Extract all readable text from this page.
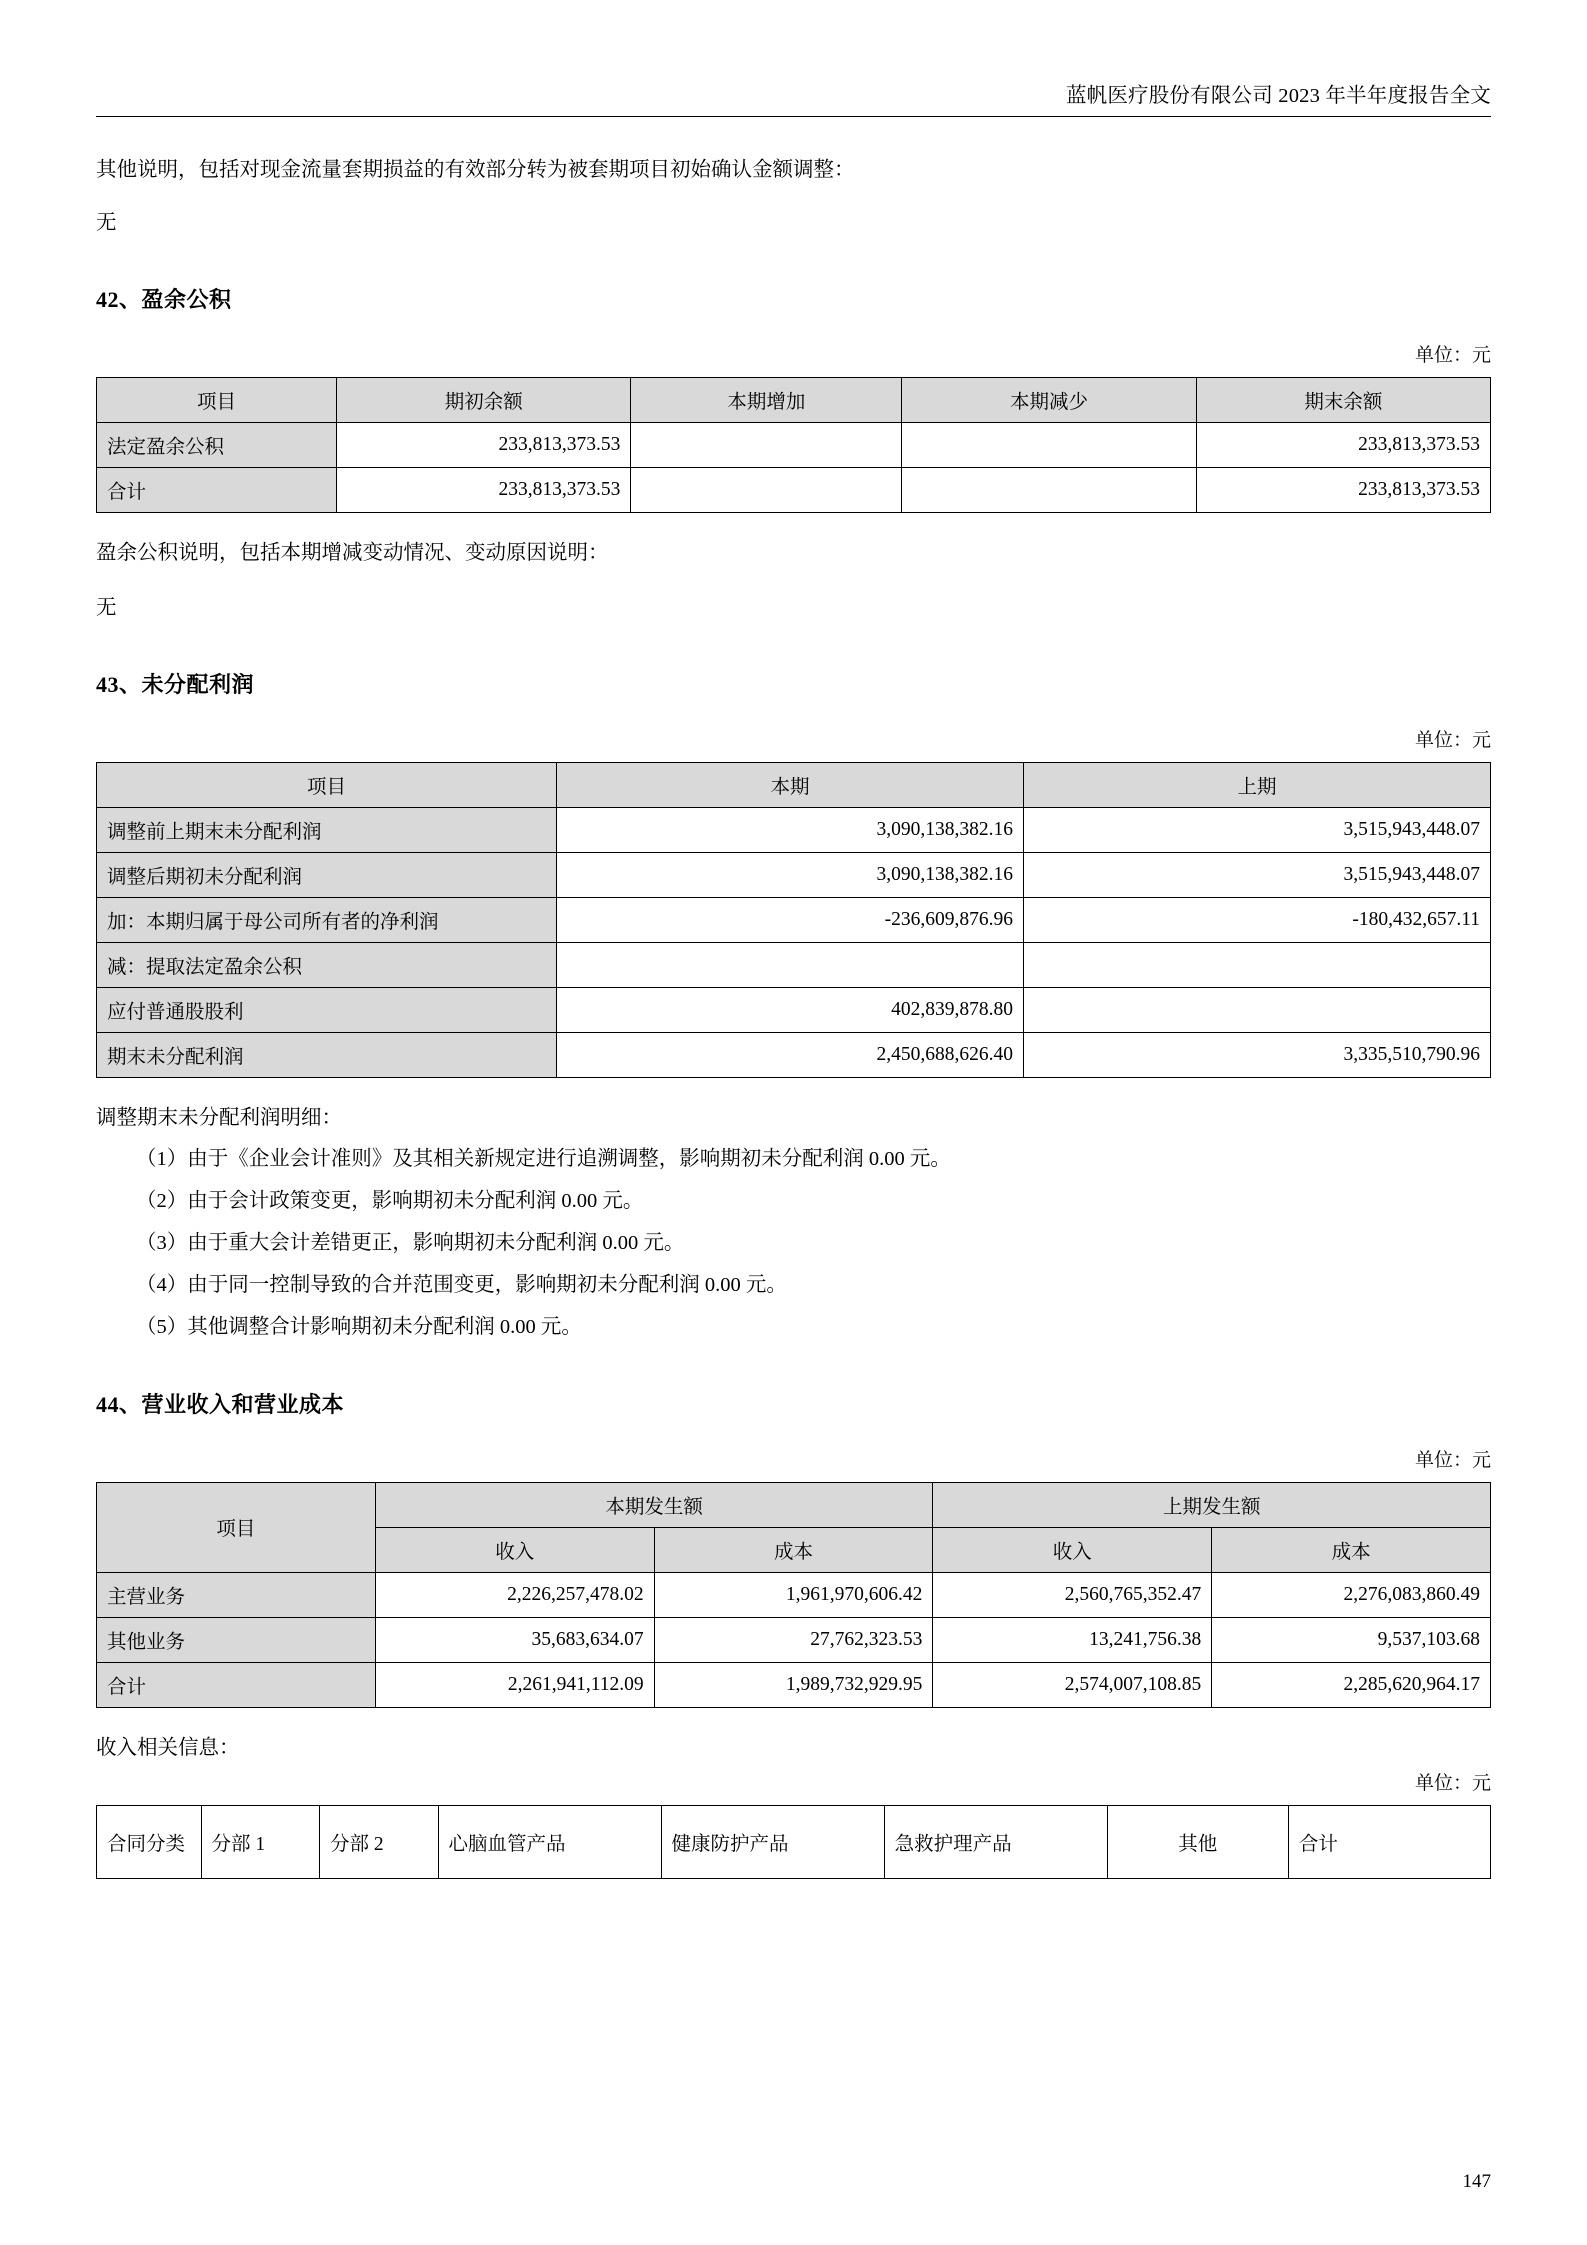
蓝帆医疗股份有限公司 2023 年半年度报告全文

其他说明，包括对现金流量套期损益的有效部分转为被套期项目初始确认金额调整：

无

42、盈余公积

单位：元

项目	期初余额	本期增加	本期减少	期末余额
法定盈余公积	233,813,373.53			233,813,373.53
合计	233,813,373.53			233,813,373.53

盈余公积说明，包括本期增减变动情况、变动原因说明：

无

43、未分配利润

单位：元

项目	本期	上期
调整前上期末未分配利润	3,090,138,382.16	3,515,943,448.07
调整后期初未分配利润	3,090,138,382.16	3,515,943,448.07
加：本期归属于母公司所有者的净利润	-236,609,876.96	-180,432,657.11
减：提取法定盈余公积		
应付普通股股利	402,839,878.80	
期末未分配利润	2,450,688,626.40	3,335,510,790.96

调整期末未分配利润明细：

（1）由于《企业会计准则》及其相关新规定进行追溯调整，影响期初未分配利润 0.00 元。

（2）由于会计政策变更，影响期初未分配利润 0.00 元。

（3）由于重大会计差错更正，影响期初未分配利润 0.00 元。

（4）由于同一控制导致的合并范围变更，影响期初未分配利润 0.00 元。

（5）其他调整合计影响期初未分配利润 0.00 元。

44、营业收入和营业成本

单位：元

项目	本期发生额		上期发生额	
	收入	成本	收入	成本
主营业务	2,226,257,478.02	1,961,970,606.42	2,560,765,352.47	2,276,083,860.49
其他业务	35,683,634.07	27,762,323.53	13,241,756.38	9,537,103.68
合计	2,261,941,112.09	1,989,732,929.95	2,574,007,108.85	2,285,620,964.17

收入相关信息：

单位：元

合同分类	分部 1	分部 2	心脑血管产品	健康防护产品	急救护理产品	其他	合计
147
